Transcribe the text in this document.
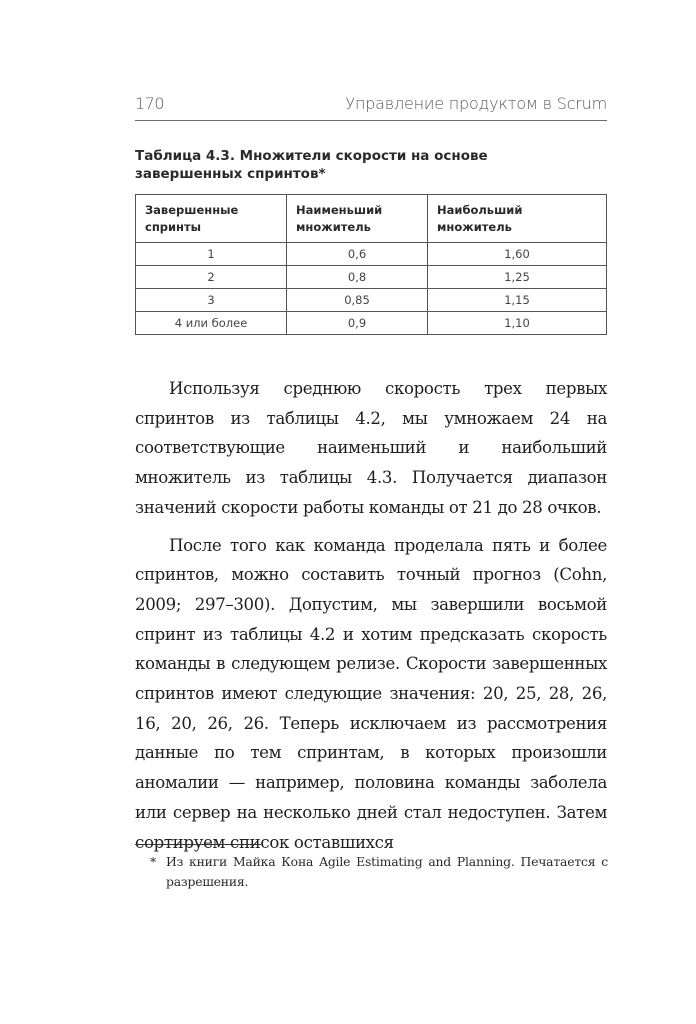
170	Управление продуктом в Scrum
Таблица 4.3. Множители скорости на основе завершенных спринтов*
Завершенные спринты	Наименьший множитель	Наибольший множитель
1	0,6	1,60
2	0,8	1,25
3	0,85	1,15
4 или более	0,9	1,10

Используя среднюю скорость трех первых спринтов из таблицы 4.2, мы умножаем 24 на соответствующие наименьший и наибольший множитель из таблицы 4.3. Получается диапазон значений скорости работы команды от 21 до 28 очков.

После того как команда проделала пять и более спринтов, можно составить точный прогноз (Cohn, 2009; 297–300). Допустим, мы завершили восьмой спринт из таблицы 4.2 и хотим предсказать скорость команды в следующем релизе. Скорости завершенных спринтов имеют следующие значения: 20, 25, 28, 26, 16, 20, 26, 26. Теперь исключаем из рассмотрения данные по тем спринтам, в которых произошли аномалии — например, половина команды заболела или сервер на несколько дней стал недоступен. Затем сортируем список оставшихся

* Из книги Майка Кона Agile Estimating and Planning. Печатается с разрешения.
